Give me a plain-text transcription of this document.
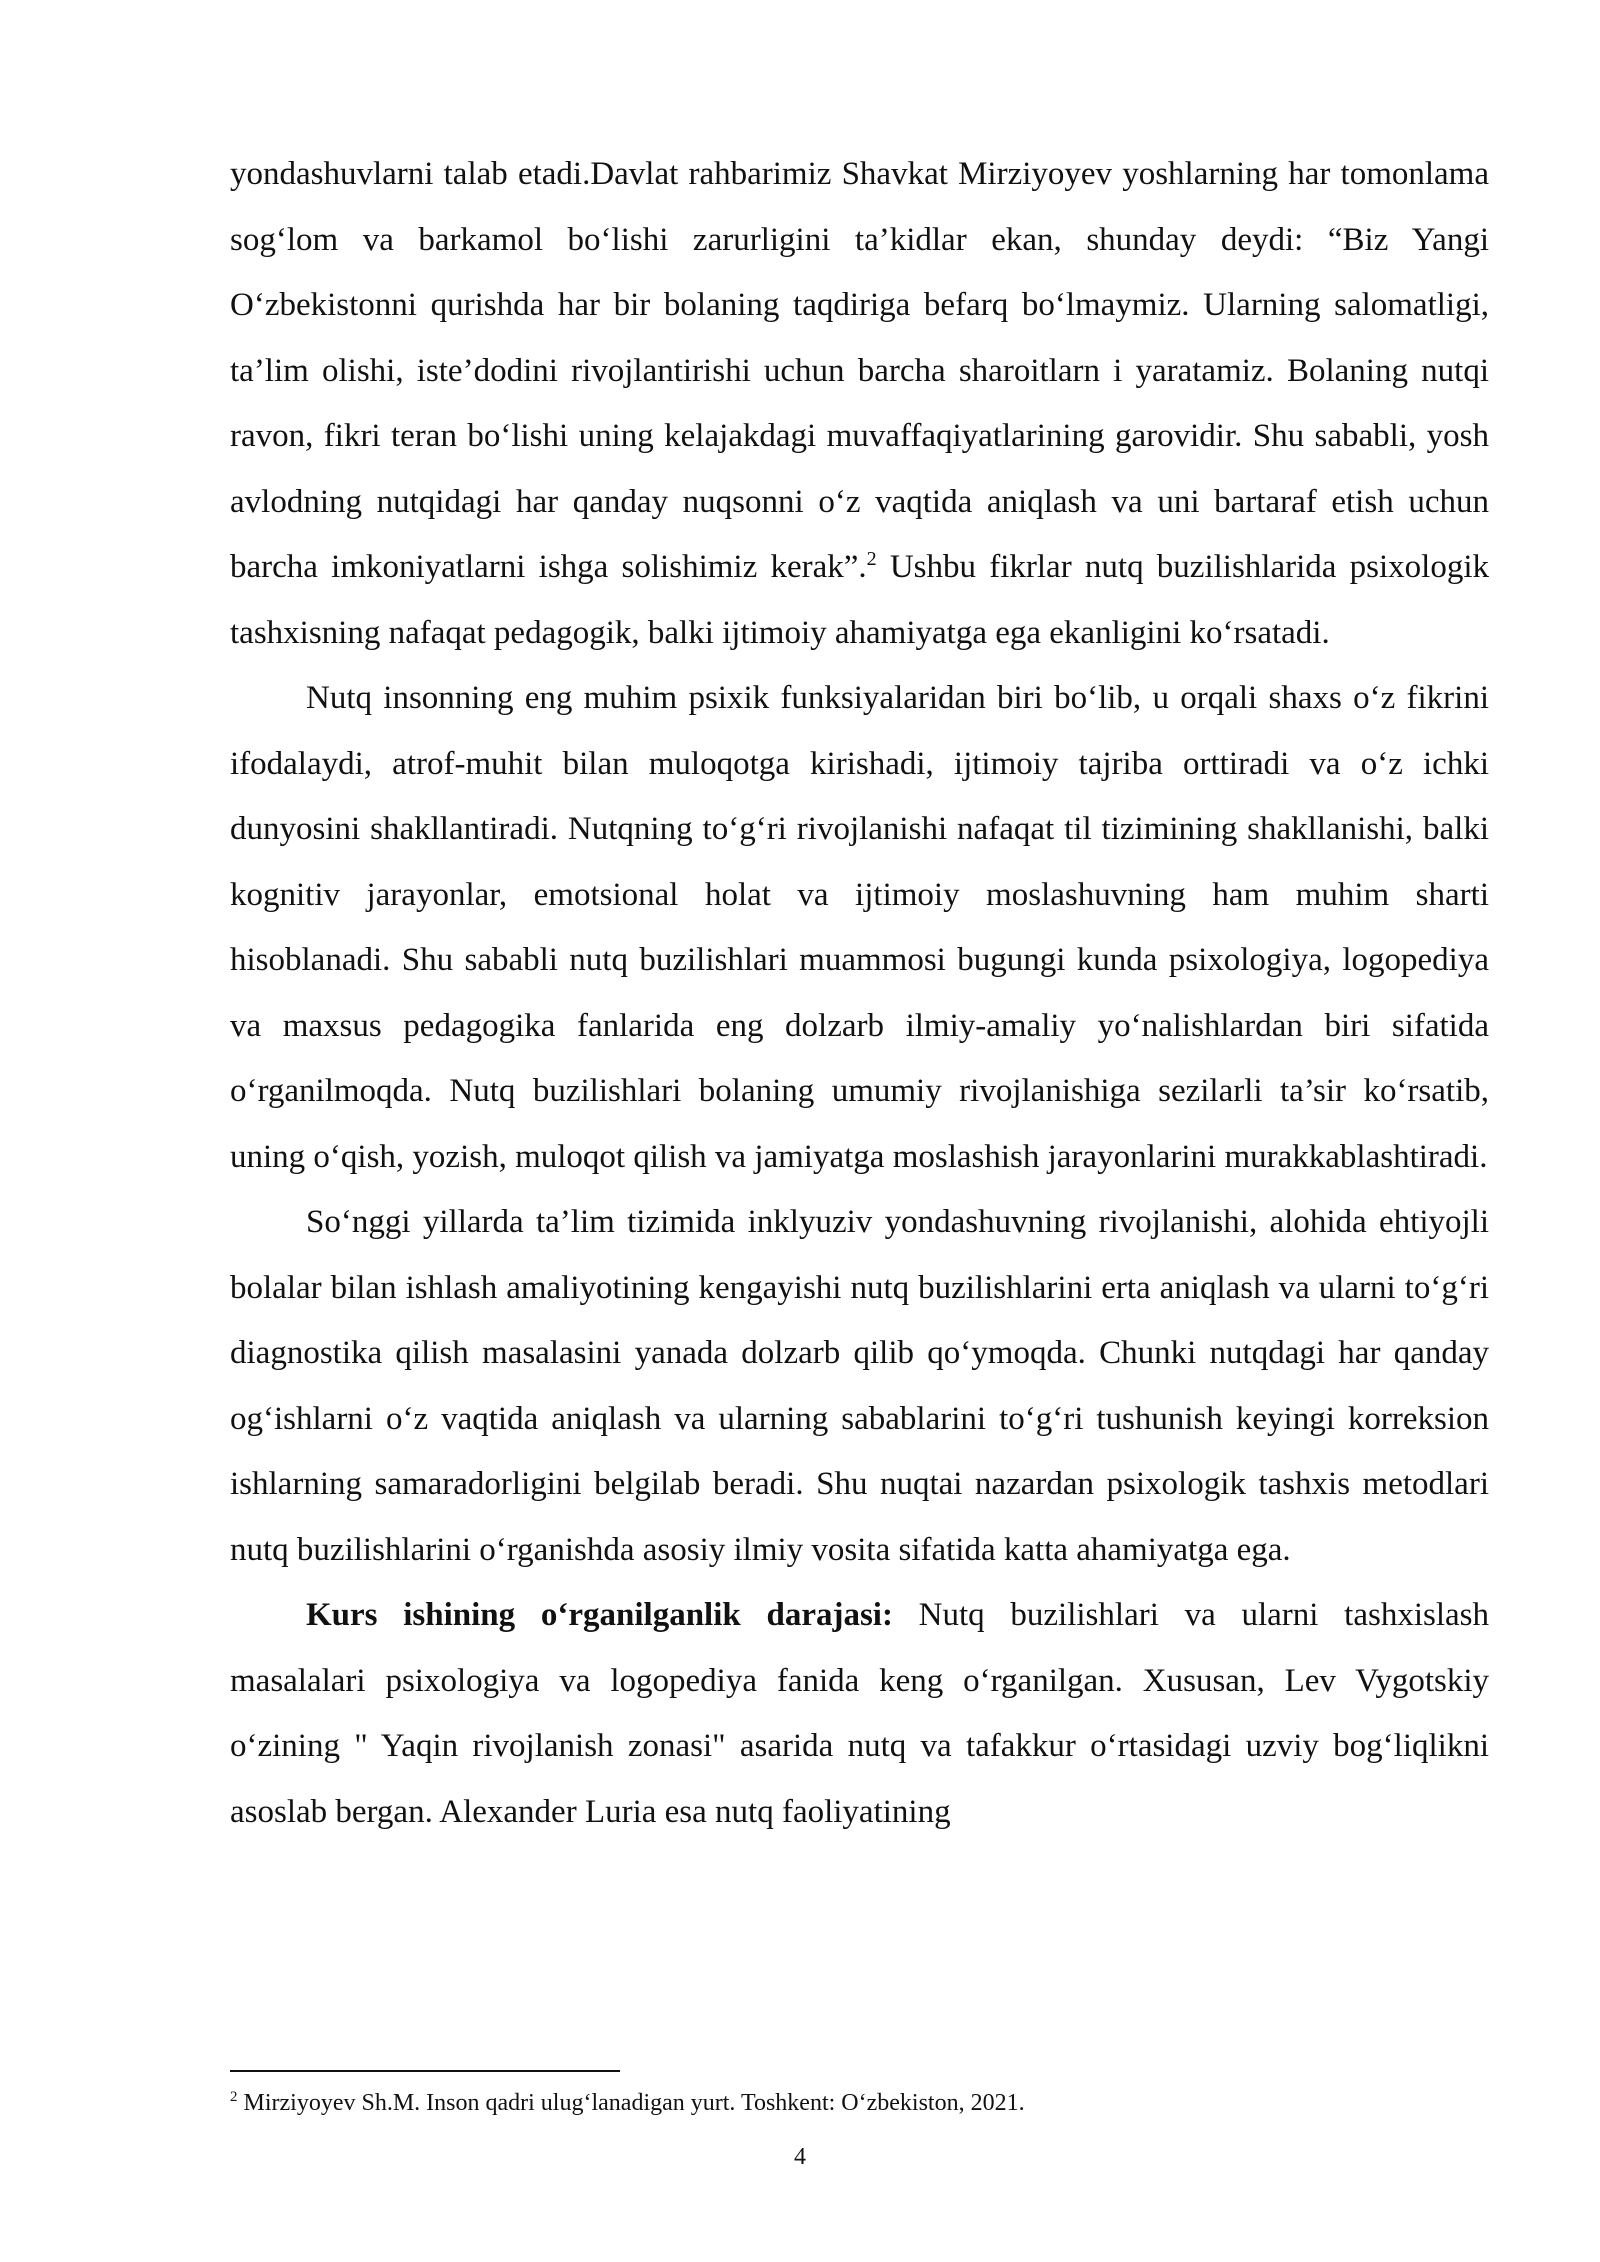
yondashuvlarni talab etadi.Davlat rahbarimiz Shavkat Mirziyoyev yoshlarning har tomonlama sog‘lom va barkamol bo‘lishi zarurligini ta’kidlar ekan, shunday deydi: “Biz Yangi O‘zbekistonni qurishda har bir bolaning taqdiriga befarq bo‘lmaymiz. Ularning salomatligi, ta’lim olishi, iste’dodini rivojlantirishi uchun barcha sharoitlarn i yaratamiz. Bolaning nutqi ravon, fikri teran bo‘lishi uning kelajakdagi muvaffaqiyatlarining garovidir. Shu sababli, yosh avlodning nutqidagi har qanday nuqsonni o‘z vaqtida aniqlash va uni bartaraf etish uchun barcha imkoniyatlarni ishga solishimiz kerak”.$^2$ Ushbu fikrlar nutq buzilishlarida psixologik tashxisning nafaqat pedagogik, balki ijtimoiy ahamiyatga ega ekanligini ko‘rsatadi.

Nutq insonning eng muhim psixik funksiyalaridan biri bo‘lib, u orqali shaxs o‘z fikrini ifodalaydi, atrof-muhit bilan muloqotga kirishadi, ijtimoiy tajriba orttiradi va o‘z ichki dunyosini shakllantiradi. Nutqning to‘g‘ri rivojlanishi nafaqat til tizimining shakllanishi, balki kognitiv jarayonlar, emotsional holat va ijtimoiy moslashuvning ham muhim sharti hisoblanadi. Shu sababli nutq buzilishlari muammosi bugungi kunda psixologiya, logopediya va maxsus pedagogika fanlarida eng dolzarb ilmiy-amaliy yo‘nalishlardan biri sifatida o‘rganilmoqda. Nutq buzilishlari bolaning umumiy rivojlanishiga sezilarli ta’sir ko‘rsatib, uning o‘qish, yozish, muloqot qilish va jamiyatga moslashish jarayonlarini murakkablashtiradi.

So‘nggi yillarda ta’lim tizimida inklyuziv yondashuvning rivojlanishi, alohida ehtiyojli bolalar bilan ishlash amaliyotining kengayishi nutq buzilishlarini erta aniqlash va ularni to‘g‘ri diagnostika qilish masalasini yanada dolzarb qilib qo‘ymoqda. Chunki nutqdagi har qanday og‘ishlarni o‘z vaqtida aniqlash va ularning sabablarini to‘g‘ri tushunish keyingi korreksion ishlarning samaradorligini belgilab beradi. Shu nuqtai nazardan psixologik tashxis metodlari nutq buzilishlarini o‘rganishda asosiy ilmiy vosita sifatida katta ahamiyatga ega.

Kurs ishining o‘rganilganlik darajasi: Nutq buzilishlari va ularni tashxislash masalalari psixologiya va logopediya fanida keng o‘rganilgan. Xususan, Lev Vygotskiy o‘zining " Yaqin rivojlanish zonasi" asarida nutq va tafakkur o‘rtasidagi uzviy bog‘liqlikni asoslab bergan. Alexander Luria esa nutq faoliyatining

$^2$ Mirziyoyev Sh.M. Inson qadri ulug‘lanadigan yurt. Toshkent: O‘zbekiston, 2021.

4
